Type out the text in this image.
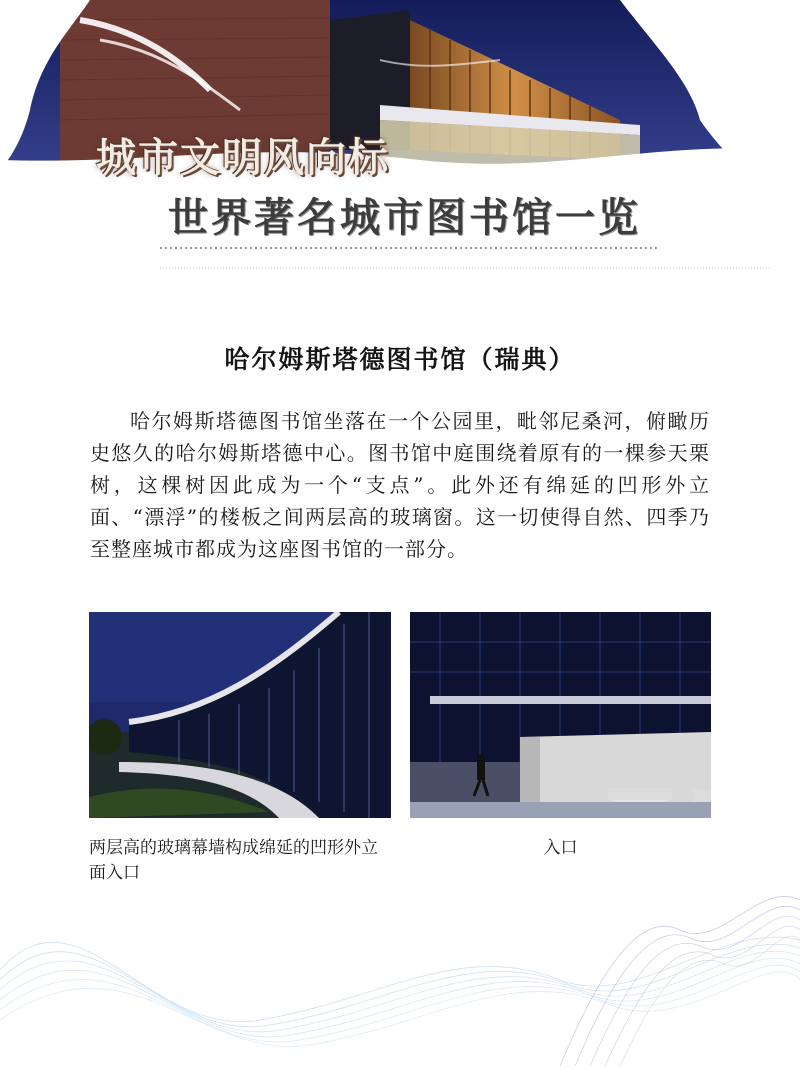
城市文明风向标
世界著名城市图书馆一览
哈尔姆斯塔德图书馆（瑞典）
哈尔姆斯塔德图书馆坐落在一个公园里，毗邻尼桑河，俯瞰历史悠久的哈尔姆斯塔德中心。图书馆中庭围绕着原有的一棵参天栗树，这棵树因此成为一个“支点”。此外还有绵延的凹形外立面、“漂浮”的楼板之间两层高的玻璃窗。这一切使得自然、四季乃至整座城市都成为这座图书馆的一部分。
两层高的玻璃幕墙构成绵延的凹形外立面入口
入口
